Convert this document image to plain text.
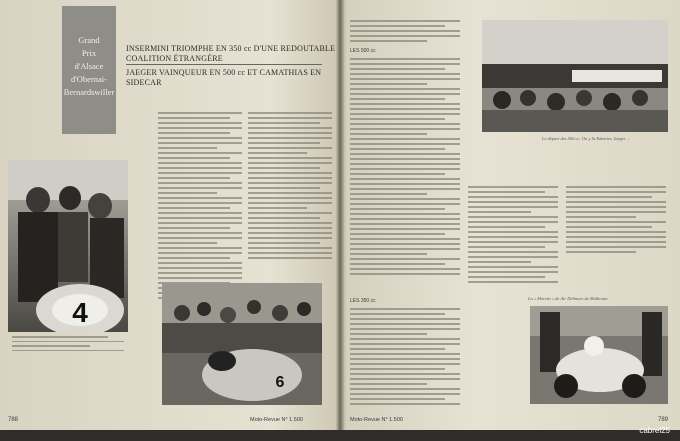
Grand
Prix
d'Alsace
d'Obernai-
Bernardswiller
INSERMINI TRIOMPHE EN 350 cc D'UNE REDOUTABLE COALITION ÉTRANGÈRE
JAEGER VAINQUEUR EN 500 cc ET CAMATHIAS EN SIDECAR
4
6
788	Moto-Revue N° 1.500
LES 500 cc
LES 350 cc
Le départ des 500 cc. On y lit Edmeier, Jaeger ...
La « Moretti » de Air Délinaro de Mulhouse
Moto-Revue N° 1.500	789
cabrel25
